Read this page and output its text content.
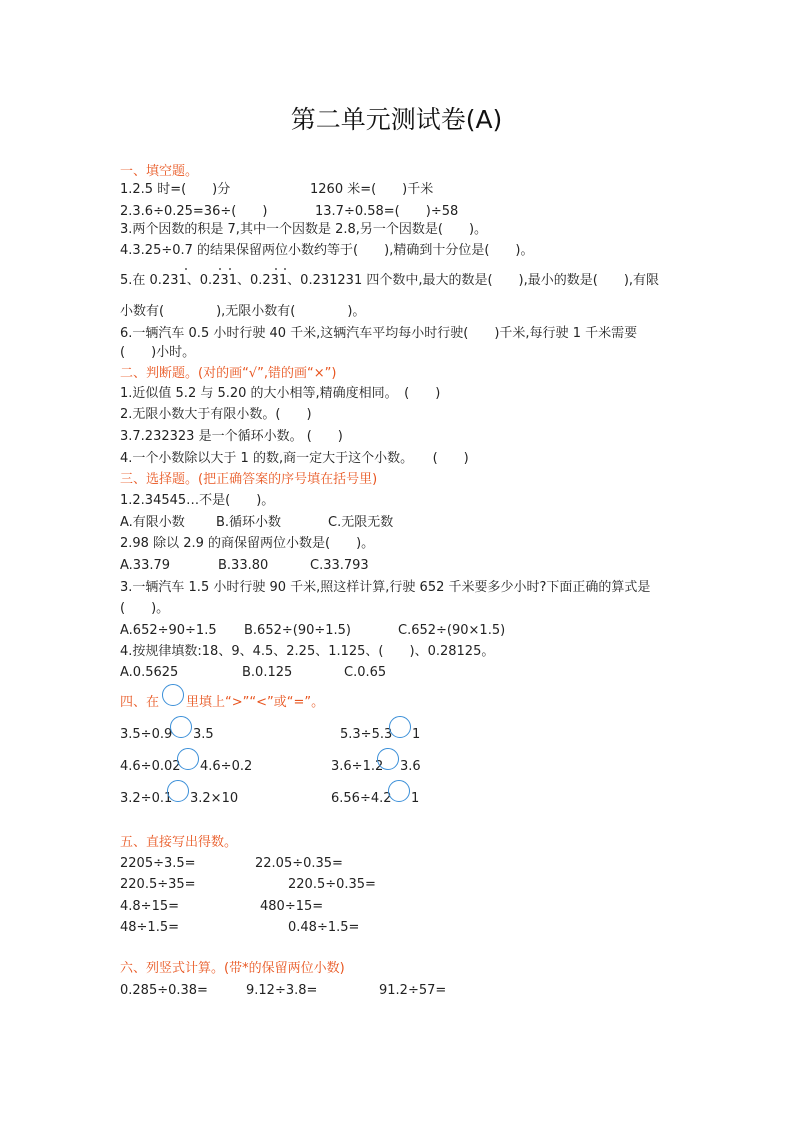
第二单元测试卷(A)
一、填空题。
1.2.5 时=(　　)分	1260 米=(　　)千米
2.3.6÷0.25=36÷(　　)	13.7÷0.58=(　　)÷58
3.两个因数的积是 7,其中一个因数是 2.8,另一个因数是(　　)。
4.3.25÷0.7 的结果保留两位小数约等于(　　),精确到十分位是(　　)。
5.在 0.231、0.231、0.231、0.231231 四个数中,最大的数是(　　),最小的数是(　　),有限
小数有(　　　　),无限小数有(　　　　)。
6.一辆汽车 0.5 小时行驶 40 千米,这辆汽车平均每小时行驶(　　)千米,每行驶 1 千米需要
(　　)小时。
二、判断题。(对的画“√”,错的画“×”)
1.近似值 5.2 与 5.20 的大小相等,精确度相同。　(　　)
2.无限小数大于有限小数。(　　)
3.7.232323 是一个循环小数。 (　　)
4.一个小数除以大于 1 的数,商一定大于这个小数。　　(　　)
三、选择题。(把正确答案的序号填在括号里)
1.2.34545…不是(　　)。
A.有限小数 B.循环小数	C.无限无数
2.98 除以 2.9 的商保留两位小数是(　　)。
A.33.79	B.33.80	C.33.793
3.一辆汽车 1.5 小时行驶 90 千米,照这样计算,行驶 652 千米要多少小时?下面正确的算式是
(　　)。
A.652÷90÷1.5 B.652÷(90÷1.5)	C.652÷(90×1.5)
4.按规律填数:18、9、4.5、2.25、1.125、(　　)、0.28125。
A.0.5625	B.0.125	C.0.65
四、在 里填上“>”“<”或“=”。
3.5÷0.9 3.5	5.3÷5.3 1
4.6÷0.02 4.6÷0.2	3.6÷1.2 3.6
3.2÷0.1 3.2×10	6.56÷4.2 1
五、直接写出得数。
2205÷3.5=	22.05÷0.35=
220.5÷35=	220.5÷0.35=
4.8÷15=	480÷15=
48÷1.5=	0.48÷1.5=
六、列竖式计算。(带*的保留两位小数)
0.285÷0.38=	9.12÷3.8=	91.2÷57=
